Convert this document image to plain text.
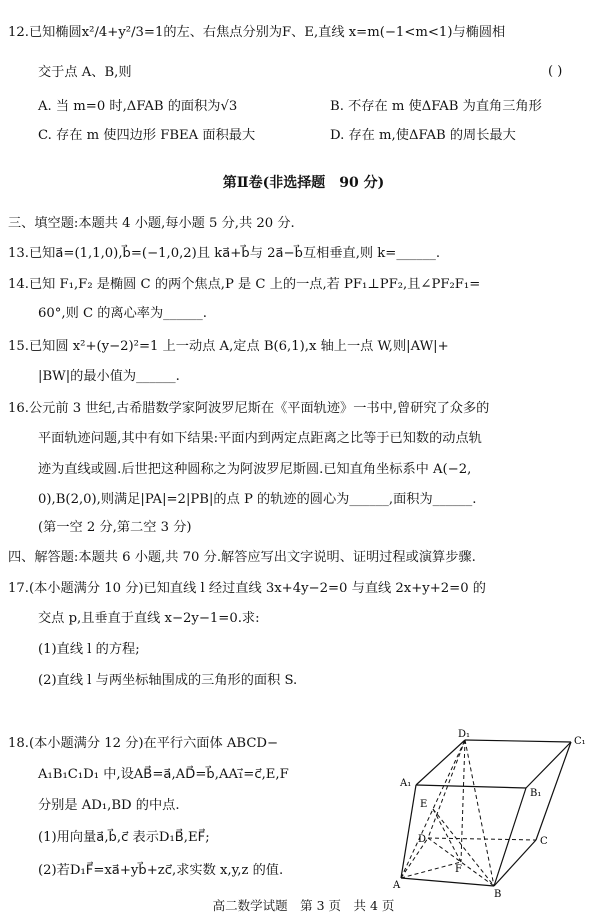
12.已知椭圆x²/4+y²/3=1的左、右焦点分别为F、E,直线 x=m(−1<m<1)与椭圆相
交于点 A、B,则	( )
A. 当 m=0 时,ΔFAB 的面积为√3	B. 不存在 m 使ΔFAB 为直角三角形
C. 存在 m 使四边形 FBEA 面积最大	D. 存在 m,使ΔFAB 的周长最大
第Ⅱ卷(非选择题　90 分)
三、填空题:本题共 4 小题,每小题 5 分,共 20 分.
13.已知a⃗=(1,1,0),b⃗=(−1,0,2)且 ka⃗+b⃗与 2a⃗−b⃗互相垂直,则 k=______.
14.已知 F₁,F₂ 是椭圆 C 的两个焦点,P 是 C 上的一点,若 PF₁⊥PF₂,且∠PF₂F₁=
60°,则 C 的离心率为______.
15.已知圆 x²+(y−2)²=1 上一动点 A,定点 B(6,1),x 轴上一点 W,则|AW|+
|BW|的最小值为______.
16.公元前 3 世纪,古希腊数学家阿波罗尼斯在《平面轨迹》一书中,曾研究了众多的
平面轨迹问题,其中有如下结果:平面内到两定点距离之比等于已知数的动点轨
迹为直线或圆.后世把这种圆称之为阿波罗尼斯圆.已知直角坐标系中 A(−2,
0),B(2,0),则满足|PA|=2|PB|的点 P 的轨迹的圆心为______,面积为______.
(第一空 2 分,第二空 3 分)
四、解答题:本题共 6 小题,共 70 分.解答应写出文字说明、证明过程或演算步骤.
17.(本小题满分 10 分)已知直线 l 经过直线 3x+4y−2=0 与直线 2x+y+2=0 的
交点 p,且垂直于直线 x−2y−1=0.求:
(1)直线 l 的方程;
(2)直线 l 与两坐标轴围成的三角形的面积 S.
18.(本小题满分 12 分)在平行六面体 ABCD−
A₁B₁C₁D₁ 中,设AB⃗=a⃗,AD⃗=b⃗,AA₁⃗=c⃗,E,F
分别是 AD₁,BD 的中点.
(1)用向量a⃗,b⃗,c⃗ 表示D₁B⃗,EF⃗;
(2)若D₁F⃗=xa⃗+yb⃗+zc⃗,求实数 x,y,z 的值.
D₁
C₁
A₁
B₁
E
D	C
F
A
B
高二数学试题　第 3 页　共 4 页
